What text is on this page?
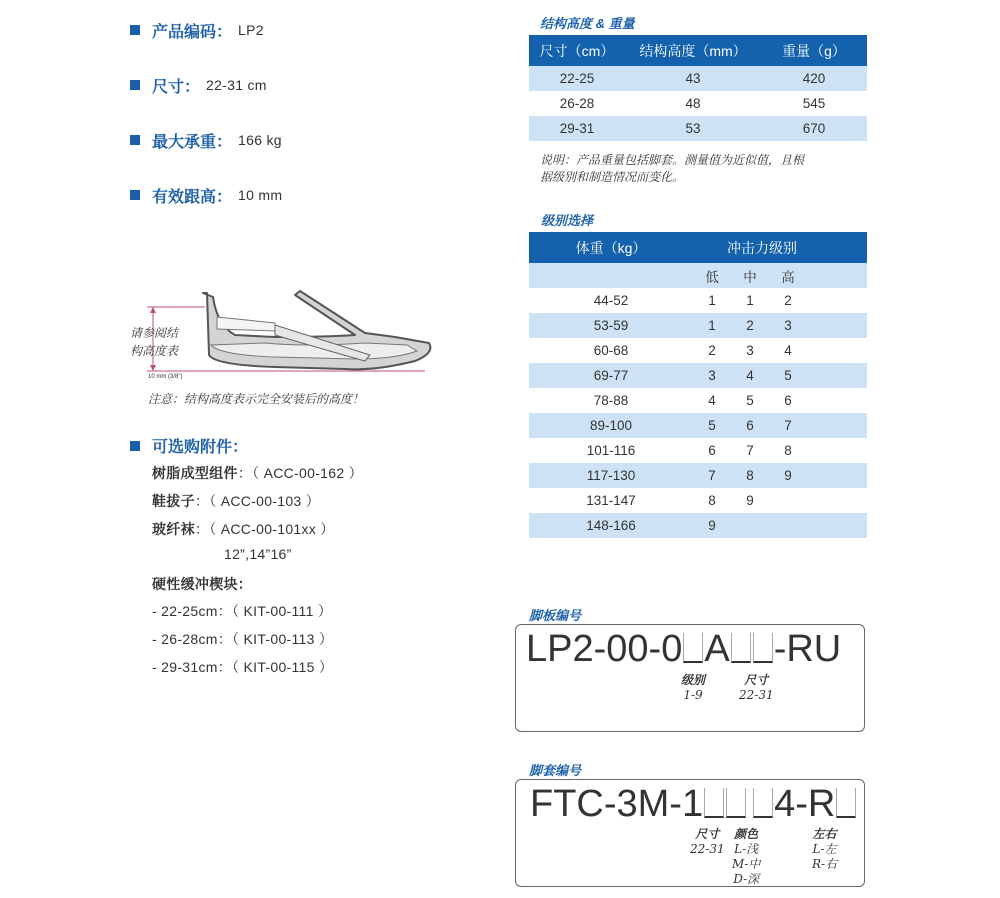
产品编码： LP2
尺寸： 22-31 cm
最大承重： 166 kg
有效跟高： 10 mm
请参阅结
构高度表
10 mm (3/8")
注意：结构高度表示完全安装后的高度！
可选购附件：
树脂成型组件：（ ACC-00-162 ）
鞋拔子：（ ACC-00-103 ）
玻纤袜：（ ACC-00-101xx ）
12”,14”16”
硬性缓冲楔块：
- 22-25cm：（ KIT-00-111 ）
- 26-28cm：（ KIT-00-113 ）
- 29-31cm：（ KIT-00-115 ）
结构高度 & 重量
尺寸（cm）	结构高度（mm）	重量（g）
22-25	43	420
26-28	48	545
29-31	53	670
说明：产品重量包括脚套。测量值为近似值，且根
据级别和制造情况而变化。
级别选择
体重（kg）	冲击力级别			
	低	中	高	
44-52	1	1	2	
53-59	1	2	3	
60-68	2	3	4	
69-77	3	4	5	
78-88	4	5	6	
89-100	5	6	7	
101-116	6	7	8	
117-130	7	8	9	
131-147	8	9		
148-166	9			
脚板编号
LP2-00-0 A -RU
级别
1-9
尺寸
22-31
脚套编号
FTC-3M-1 4-R
尺寸
22-31
颜色
L-浅
M-中
D-深
左右
L-左
R-右
